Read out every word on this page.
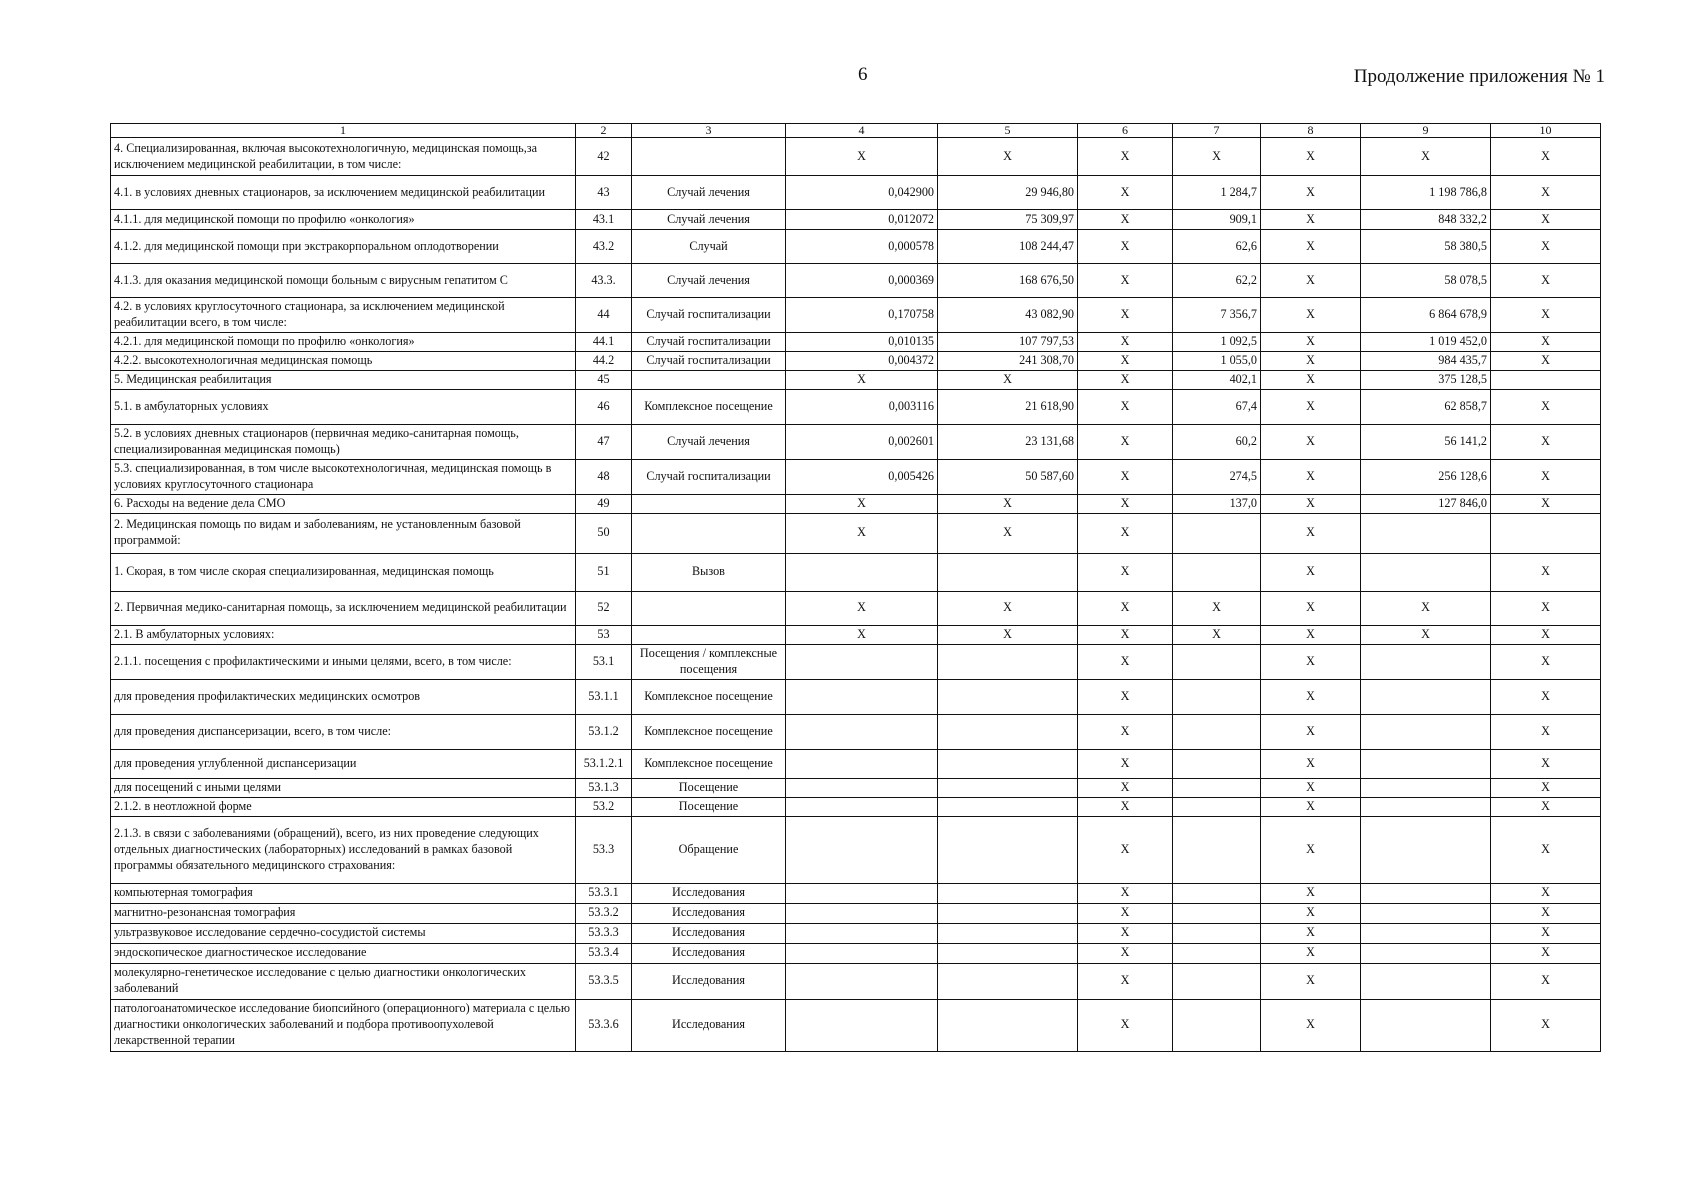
6	Продолжение приложения № 1
1	2	3	4	5	6	7	8	9	10
4. Специализированная, включая высокотехнологичную, медицинская помощь,за исключением медицинской реабилитации, в том числе:	42		X	X	X	X	X	X	X
4.1. в условиях дневных стационаров, за исключением медицинской реабилитации	43	Случай лечения	0,042900	29 946,80	X	1 284,7	X	1 198 786,8	X
4.1.1. для медицинской помощи по профилю «онкология»	43.1	Случай лечения	0,012072	75 309,97	X	909,1	X	848 332,2	X
4.1.2. для медицинской помощи при экстракорпоральном оплодотворении	43.2	Случай	0,000578	108 244,47	X	62,6	X	58 380,5	X
4.1.3. для оказания медицинской помощи больным с вирусным гепатитом С	43.3.	Случай лечения	0,000369	168 676,50	X	62,2	X	58 078,5	X
4.2. в условиях круглосуточного стационара, за исключением медицинской реабилитации всего, в том числе:	44	Случай госпитализации	0,170758	43 082,90	X	7 356,7	X	6 864 678,9	X
4.2.1. для медицинской помощи по профилю «онкология»	44.1	Случай госпитализации	0,010135	107 797,53	X	1 092,5	X	1 019 452,0	X
4.2.2. высокотехнологичная медицинская помощь	44.2	Случай госпитализации	0,004372	241 308,70	X	1 055,0	X	984 435,7	X
5. Медицинская реабилитация	45		X	X	X	402,1	X	375 128,5	
5.1. в амбулаторных условиях	46	Комплексное посещение	0,003116	21 618,90	X	67,4	X	62 858,7	X
5.2. в условиях дневных стационаров (первичная медико-санитарная помощь, специализированная медицинская помощь)	47	Случай лечения	0,002601	23 131,68	X	60,2	X	56 141,2	X
5.3. специализированная, в том числе высокотехнологичная, медицинская помощь в условиях круглосуточного стационара	48	Случай госпитализации	0,005426	50 587,60	X	274,5	X	256 128,6	X
6. Расходы на ведение дела СМО	49		X	X	X	137,0	X	127 846,0	X
2. Медицинская помощь по видам и заболеваниям, не установленным базовой программой:	50		X	X	X		X		
1. Скорая, в том числе скорая специализированная, медицинская помощь	51	Вызов			X		X		X
2. Первичная медико-санитарная помощь, за исключением медицинской реабилитации	52		X	X	X	X	X	X	X
2.1. В амбулаторных условиях:	53		X	X	X	X	X	X	X
2.1.1. посещения с профилактическими и иными целями, всего, в том числе:	53.1	Посещения / комплексные посещения			X		X		X
для проведения профилактических медицинских осмотров	53.1.1	Комплексное посещение			X		X		X
для проведения диспансеризации, всего, в том числе:	53.1.2	Комплексное посещение			X		X		X
для проведения углубленной диспансеризации	53.1.2.1	Комплексное посещение			X		X		X
для посещений с иными целями	53.1.3	Посещение			X		X		X
2.1.2. в неотложной форме	53.2	Посещение			X		X		X
2.1.3. в связи с заболеваниями (обращений), всего, из них проведение следующих отдельных диагностических (лабораторных) исследований в рамках базовой программы обязательного медицинского страхования:	53.3	Обращение			X		X		X
компьютерная томография	53.3.1	Исследования			X		X		X
магнитно-резонансная томография	53.3.2	Исследования			X		X		X
ультразвуковое исследование сердечно-сосудистой системы	53.3.3	Исследования			X		X		X
эндоскопическое диагностическое исследование	53.3.4	Исследования			X		X		X
молекулярно-генетическое исследование с целью диагностики онкологических заболеваний	53.3.5	Исследования			X		X		X
патологоанатомическое исследование биопсийного (операционного) материала с целью диагностики онкологических заболеваний и подбора противоопухолевой лекарственной терапии	53.3.6	Исследования			X		X		X
